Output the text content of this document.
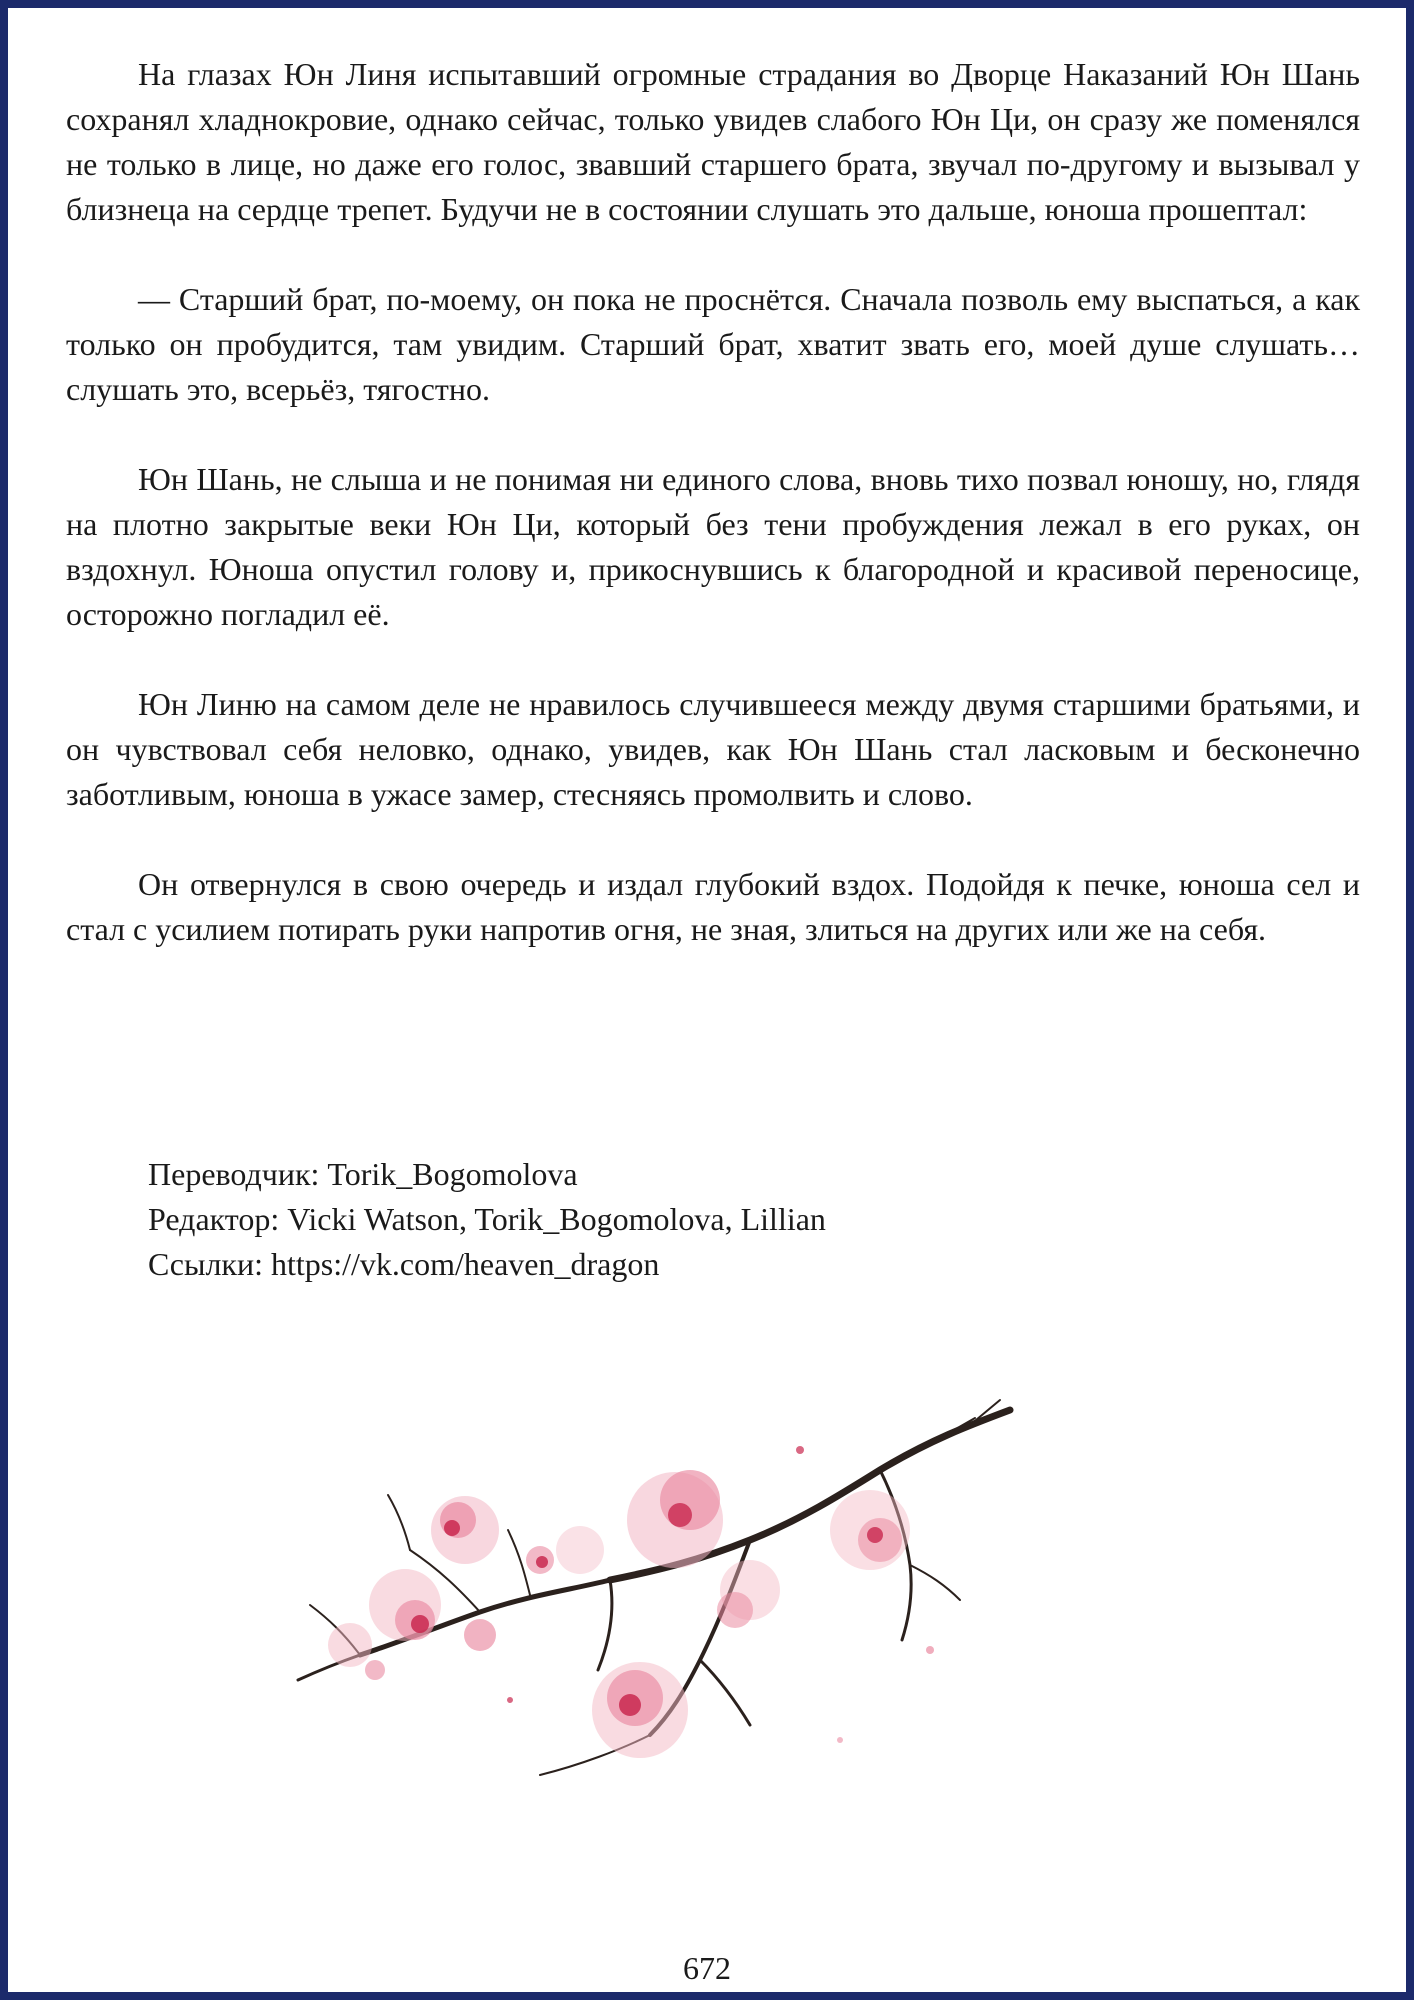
На глазах Юн Линя испытавший огромные страдания во Дворце Наказаний Юн Шань сохранял хладнокровие, однако сейчас, только увидев слабого Юн Ци, он сразу же поменялся не только в лице, но даже его голос, звавший старшего брата, звучал по-другому и вызывал у близнеца на сердце трепет. Будучи не в состоянии слушать это дальше, юноша прошептал:

— Старший брат, по-моему, он пока не проснётся. Сначала позволь ему выспаться, а как только он пробудится, там увидим. Старший брат, хватит звать его, моей душе слушать… слушать это, всерьёз, тягостно.

Юн Шань, не слыша и не понимая ни единого слова, вновь тихо позвал юношу, но, глядя на плотно закрытые веки Юн Ци, который без тени пробуждения лежал в его руках, он вздохнул. Юноша опустил голову и, прикоснувшись к благородной и красивой переносице, осторожно погладил её.

Юн Линю на самом деле не нравилось случившееся между двумя старшими братьями, и он чувствовал себя неловко, однако, увидев, как Юн Шань стал ласковым и бесконечно заботливым, юноша в ужасе замер, стесняясь промолвить и слово.

Он отвернулся в свою очередь и издал глубокий вздох. Подойдя к печке, юноша сел и стал с усилием потирать руки напротив огня, не зная, злиться на других или же на себя.

Переводчик: Torik_Bogomolova
Редактор: Vicki Watson, Torik_Bogomolova, Lillian
Ссылки: https://vk.com/heaven_dragon
672
